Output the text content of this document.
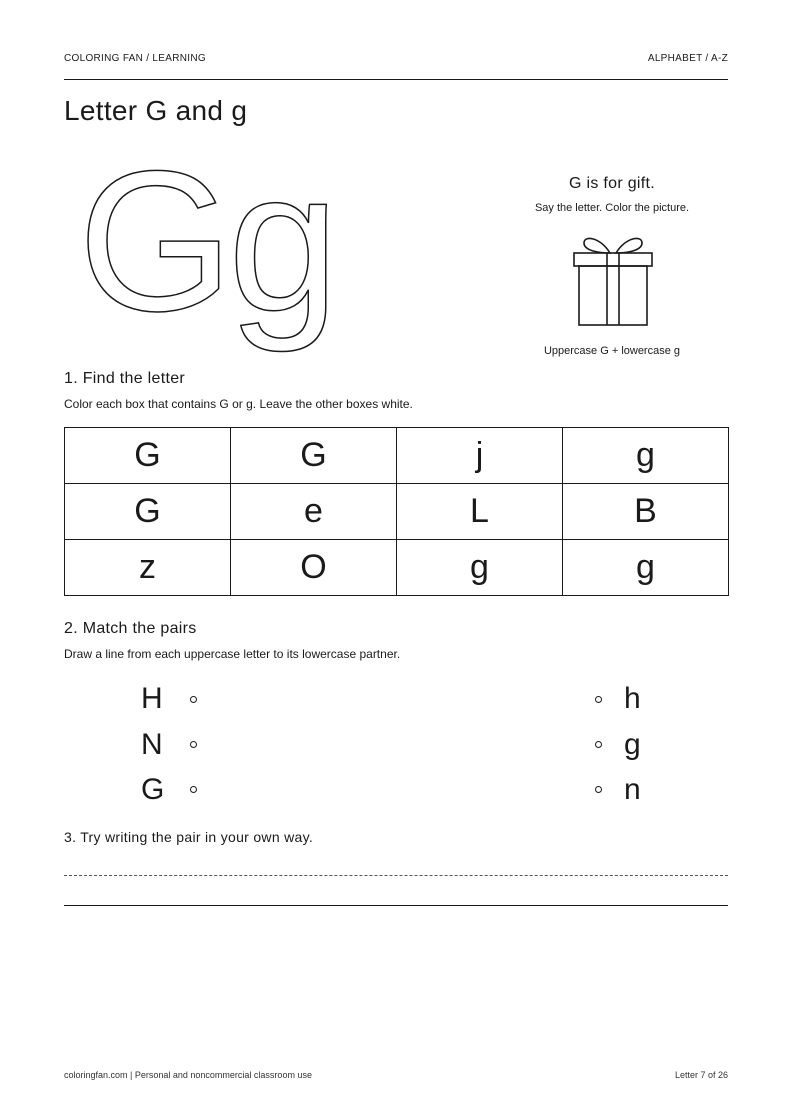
COLORING FAN / LEARNING	ALPHABET / A-Z
Letter G and g
G
g	G is for gift.
Say the letter. Color the picture.
Uppercase G + lowercase g
1. Find the letter
Color each box that contains G or g. Leave the other boxes white.
G	G	j	g
G	e	L	B
z	O	g	g
2. Match the pairs
Draw a line from each uppercase letter to its lowercase partner.
H
N
G
h
g
n
3. Try writing the pair in your own way.
coloringfan.com | Personal and noncommercial classroom use	Letter 7 of 26
